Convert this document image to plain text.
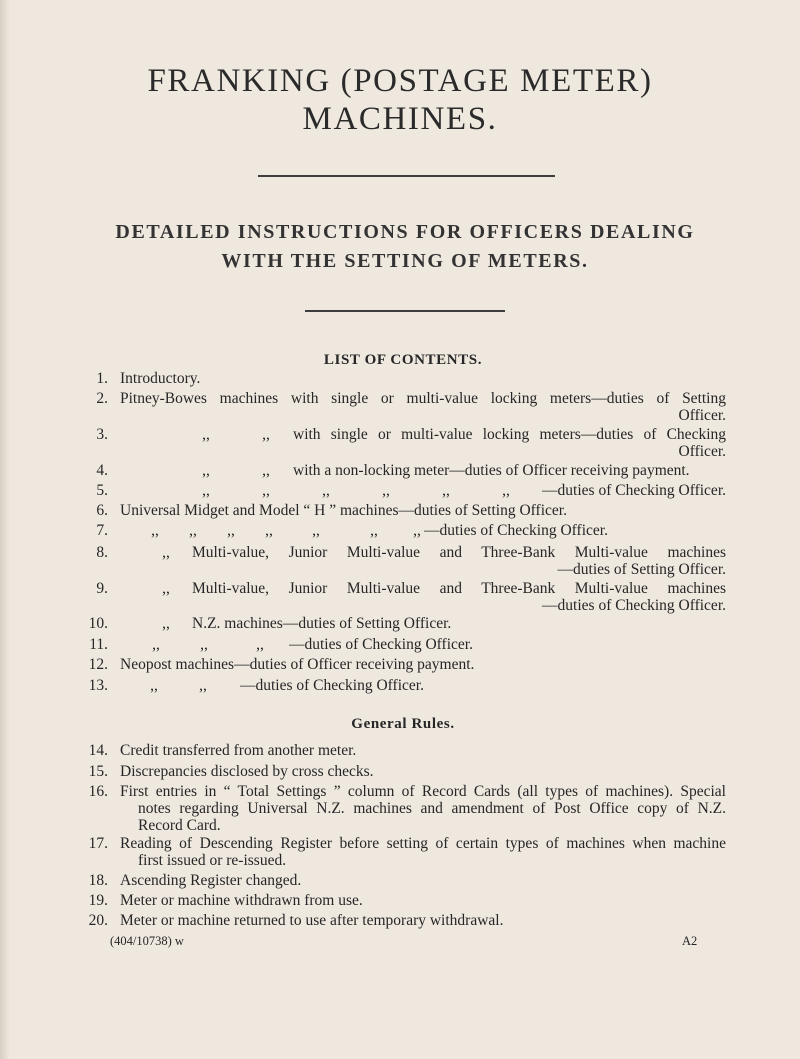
FRANKING (POSTAGE METER)
MACHINES.
DETAILED INSTRUCTIONS FOR OFFICERS DEALING
WITH THE SETTING OF METERS.
LIST OF CONTENTS.
1. Introductory.
2. Pitney-Bowes machines with single or multi-value locking meters—duties of Setting
Officer.
3.	,,	,,	with single or multi-value locking meters—duties of Checking
Officer.
4.	,,	,,	with a non-locking meter—duties of Officer receiving payment.
5.	,,	,,	,,	,,	,,	,,	—duties of Checking Officer.
6. Universal Midget and Model “ H ” machines—duties of Setting Officer.
7.	,, ,, ,, ,,	,,	,, ,, —duties of Checking Officer.
8.	,,	Multi-value, Junior Multi-value and Three-Bank Multi-value machines
—duties of Setting Officer.
9.	,,	Multi-value, Junior Multi-value and Three-Bank Multi-value machines
—duties of Checking Officer.
10.	,,	N.Z. machines—duties of Setting Officer.
11.	,,	,,	,,	—duties of Checking Officer.
12. Neopost machines—duties of Officer receiving payment.
13.	,,	,,	—duties of Checking Officer.
General Rules.
14. Credit transferred from another meter.
15. Discrepancies disclosed by cross checks.
16. First entries in “ Total Settings ” column of Record Cards (all types of machines). Special
notes regarding Universal N.Z. machines and amendment of Post Office copy of N.Z.
Record Card.
17. Reading of Descending Register before setting of certain types of machines when machine
first issued or re-issued.
18. Ascending Register changed.
19. Meter or machine withdrawn from use.
20. Meter or machine returned to use after temporary withdrawal.
(404/10738) w	A2
